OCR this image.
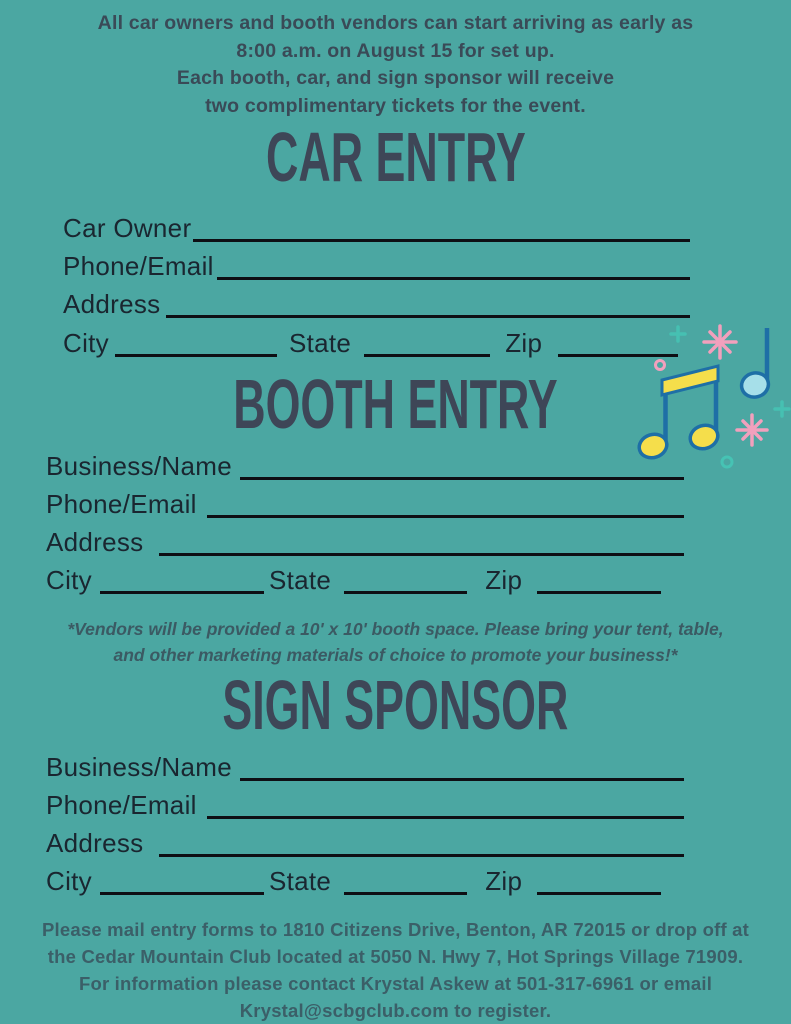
All car owners and booth vendors can start arriving as early as
8:00 a.m. on August 15 for set up.
Each booth, car, and sign sponsor will receive
two complimentary tickets for the event.
CAR ENTRY
Car Owner
Phone/Email
Address
City	State	Zip
BOOTH ENTRY
Business/Name
Phone/Email
Address
City	State	Zip
*Vendors will be provided a 10' x 10' booth space. Please bring your tent, table,
and other marketing materials of choice to promote your business!*
SIGN SPONSOR
Business/Name
Phone/Email
Address
City	State	Zip
Please mail entry forms to 1810 Citizens Drive, Benton, AR 72015 or drop off at
the Cedar Mountain Club located at 5050 N. Hwy 7, Hot Springs Village 71909.
For information please contact Krystal Askew at 501-317-6961 or email
Krystal@scbgclub.com to register.
